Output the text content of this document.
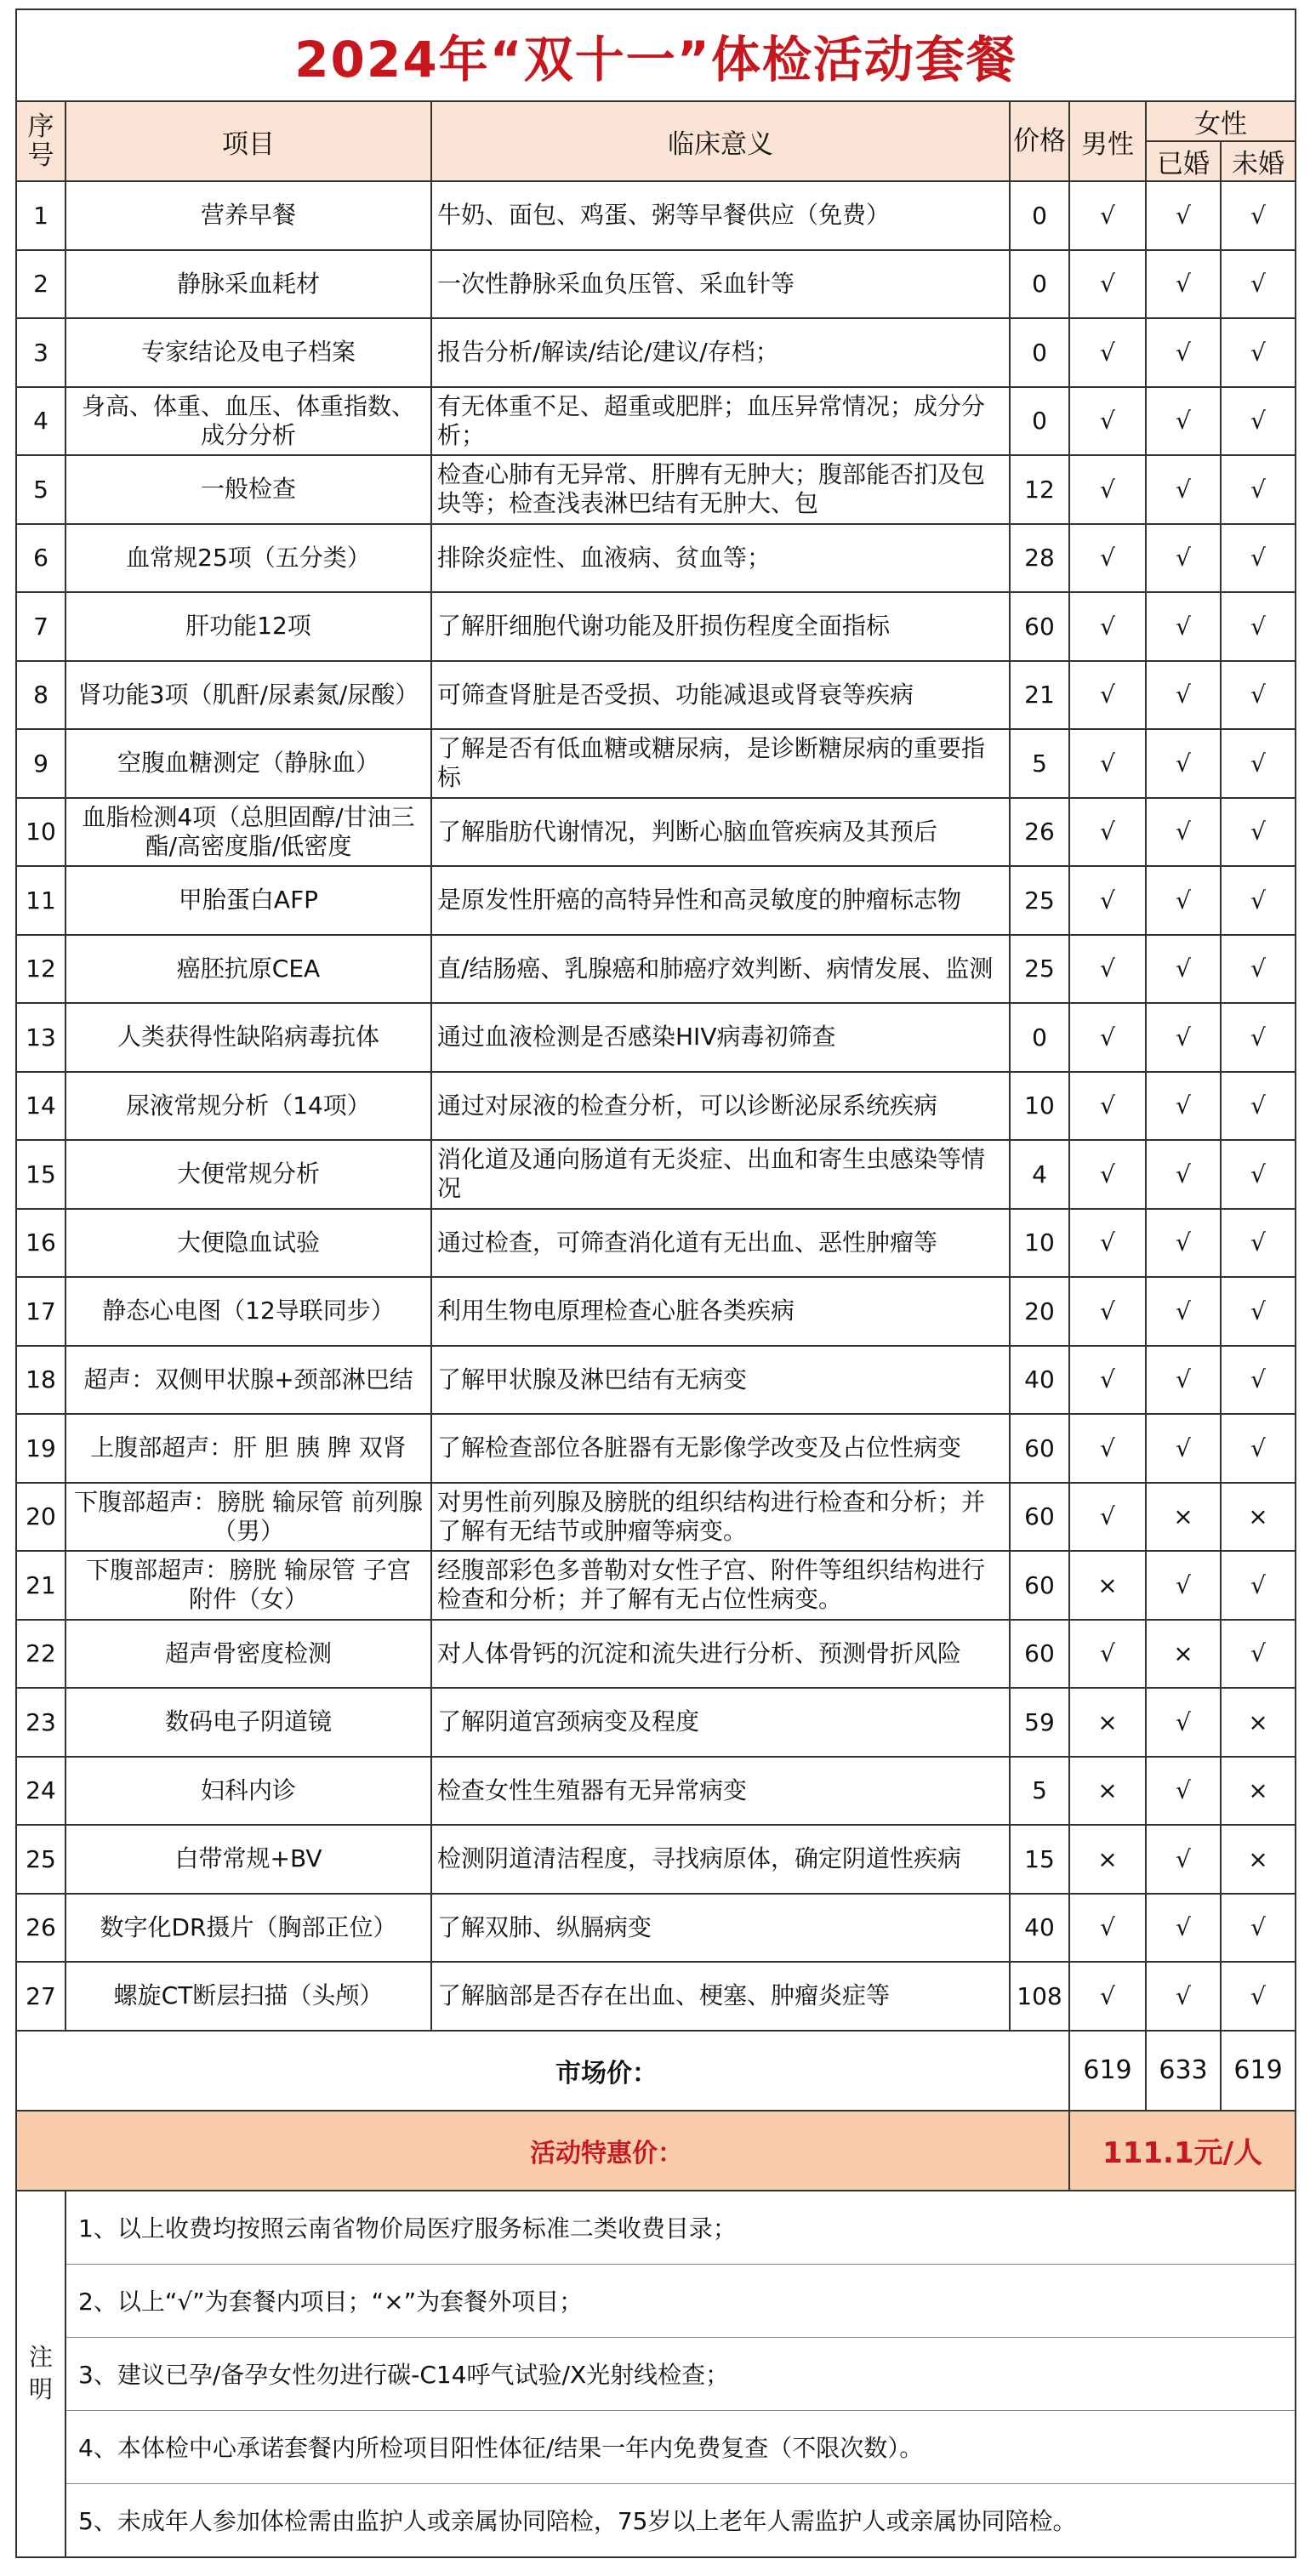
2024年“双十一”体检活动套餐						
序号	项目	临床意义	价格	男性	女性	
					已婚	未婚
1	营养早餐	牛奶、面包、鸡蛋、粥等早餐供应（免费）	0	√	√	√
2	静脉采血耗材	一次性静脉采血负压管、采血针等	0	√	√	√
3	专家结论及电子档案	报告分析/解读/结论/建议/存档；	0	√	√	√
4	身高、体重、血压、体重指数、成分分析	有无体重不足、超重或肥胖；血压异常情况；成分分析；	0	√	√	√
5	一般检查	检查心肺有无异常、肝脾有无肿大；腹部能否扪及包块等；检查浅表淋巴结有无肿大、包	12	√	√	√
6	血常规25项（五分类）	排除炎症性、血液病、贫血等；	28	√	√	√
7	肝功能12项	了解肝细胞代谢功能及肝损伤程度全面指标	60	√	√	√
8	肾功能3项（肌酐/尿素氮/尿酸）	可筛查肾脏是否受损、功能减退或肾衰等疾病	21	√	√	√
9	空腹血糖测定（静脉血）	了解是否有低血糖或糖尿病，是诊断糖尿病的重要指标	5	√	√	√
10	血脂检测4项（总胆固醇/甘油三酯/高密度脂/低密度	了解脂肪代谢情况，判断心脑血管疾病及其预后	26	√	√	√
11	甲胎蛋白AFP	是原发性肝癌的高特异性和高灵敏度的肿瘤标志物	25	√	√	√
12	癌胚抗原CEA	直/结肠癌、乳腺癌和肺癌疗效判断、病情发展、监测	25	√	√	√
13	人类获得性缺陷病毒抗体	通过血液检测是否感染HIV病毒初筛查	0	√	√	√
14	尿液常规分析（14项）	通过对尿液的检查分析，可以诊断泌尿系统疾病	10	√	√	√
15	大便常规分析	消化道及通向肠道有无炎症、出血和寄生虫感染等情况	4	√	√	√
16	大便隐血试验	通过检查，可筛查消化道有无出血、恶性肿瘤等	10	√	√	√
17	静态心电图（12导联同步）	利用生物电原理检查心脏各类疾病	20	√	√	√
18	超声：双侧甲状腺+颈部淋巴结	了解甲状腺及淋巴结有无病变	40	√	√	√
19	上腹部超声：肝 胆 胰 脾 双肾	了解检查部位各脏器有无影像学改变及占位性病变	60	√	√	√
20	下腹部超声：膀胱 输尿管 前列腺（男）	对男性前列腺及膀胱的组织结构进行检查和分析；并了解有无结节或肿瘤等病变。	60	√	×	×
21	下腹部超声：膀胱 输尿管 子宫 附件（女）	经腹部彩色多普勒对女性子宫、附件等组织结构进行检查和分析；并了解有无占位性病变。	60	×	√	√
22	超声骨密度检测	对人体骨钙的沉淀和流失进行分析、预测骨折风险	60	√	×	√
23	数码电子阴道镜	了解阴道宫颈病变及程度	59	×	√	×
24	妇科内诊	检查女性生殖器有无异常病变	5	×	√	×
25	白带常规+BV	检测阴道清洁程度，寻找病原体，确定阴道性疾病	15	×	√	×
26	数字化DR摄片（胸部正位）	了解双肺、纵膈病变	40	√	√	√
27	螺旋CT断层扫描（头颅）	了解脑部是否存在出血、梗塞、肿瘤炎症等	108	√	√	√
市场价：				619	633	619
活动特惠价：				111.1元/人		
注明	1、以上收费均按照云南省物价局医疗服务标准二类收费目录；
2、以上“√”为套餐内项目；“×”为套餐外项目；
3、建议已孕/备孕女性勿进行碳-C14呼气试验/X光射线检查；
4、本体检中心承诺套餐内所检项目阳性体征/结果一年内免费复查（不限次数）。
5、未成年人参加体检需由监护人或亲属协同陪检，75岁以上老年人需监护人或亲属协同陪检。
